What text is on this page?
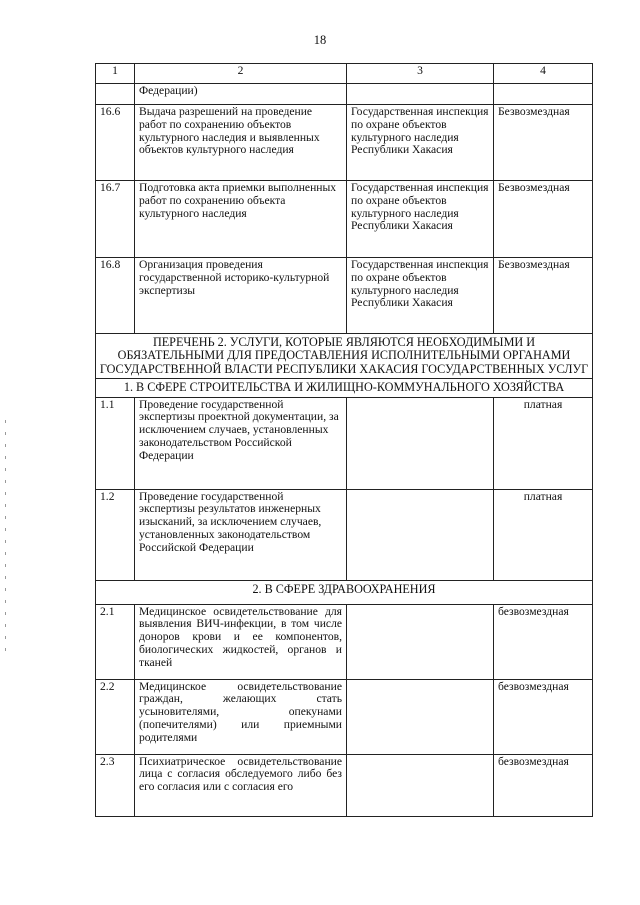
18
1	2	3	4
	Федерации)		
16.6	Выдача разрешений на проведение работ по сохранению объектов культурного наследия и выявленных объектов культурного наследия	Государственная инспекция по охране объектов культурного наследия Республики Хакасия	Безвозмездная
16.7	Подготовка акта приемки выполненных работ по сохранению объекта культурного наследия	Государственная инспекция по охране объектов культурного наследия Республики Хакасия	Безвозмездная
16.8	Организация проведения государственной историко-культурной экспертизы	Государственная инспекция по охране объектов культурного наследия Республики Хакасия	Безвозмездная
ПЕРЕЧЕНЬ 2. УСЛУГИ, КОТОРЫЕ ЯВЛЯЮТСЯ НЕОБХОДИМЫМИ И ОБЯЗАТЕЛЬНЫМИ ДЛЯ ПРЕДОСТАВЛЕНИЯ ИСПОЛНИТЕЛЬНЫМИ ОРГАНАМИ ГОСУДАРСТВЕННОЙ ВЛАСТИ РЕСПУБЛИКИ ХАКАСИЯ ГОСУДАРСТВЕННЫХ УСЛУГ			
1. В СФЕРЕ СТРОИТЕЛЬСТВА И ЖИЛИЩНО-КОММУНАЛЬНОГО ХОЗЯЙСТВА			
1.1	Проведение государственной экспертизы проектной документации, за исключением случаев, установленных законодательством Российской Федерации		платная
1.2	Проведение государственной экспертизы результатов инженерных изысканий, за исключением случаев, установленных законодательством Российской Федерации		платная
2. В СФЕРЕ ЗДРАВООХРАНЕНИЯ			
2.1	Медицинское освидетельствование для выявления ВИЧ-инфекции, в том числе доноров крови и ее компонентов, биологических жидкостей, органов и тканей		безвозмездная
2.2	Медицинское освидетельствование граждан, желающих стать усыновителями, опекунами (попечителями) или приемными родителями		безвозмездная
2.3	Психиатрическое освидетельствование лица с согласия обследуемого либо без его согласия или с согласия его		безвозмездная
